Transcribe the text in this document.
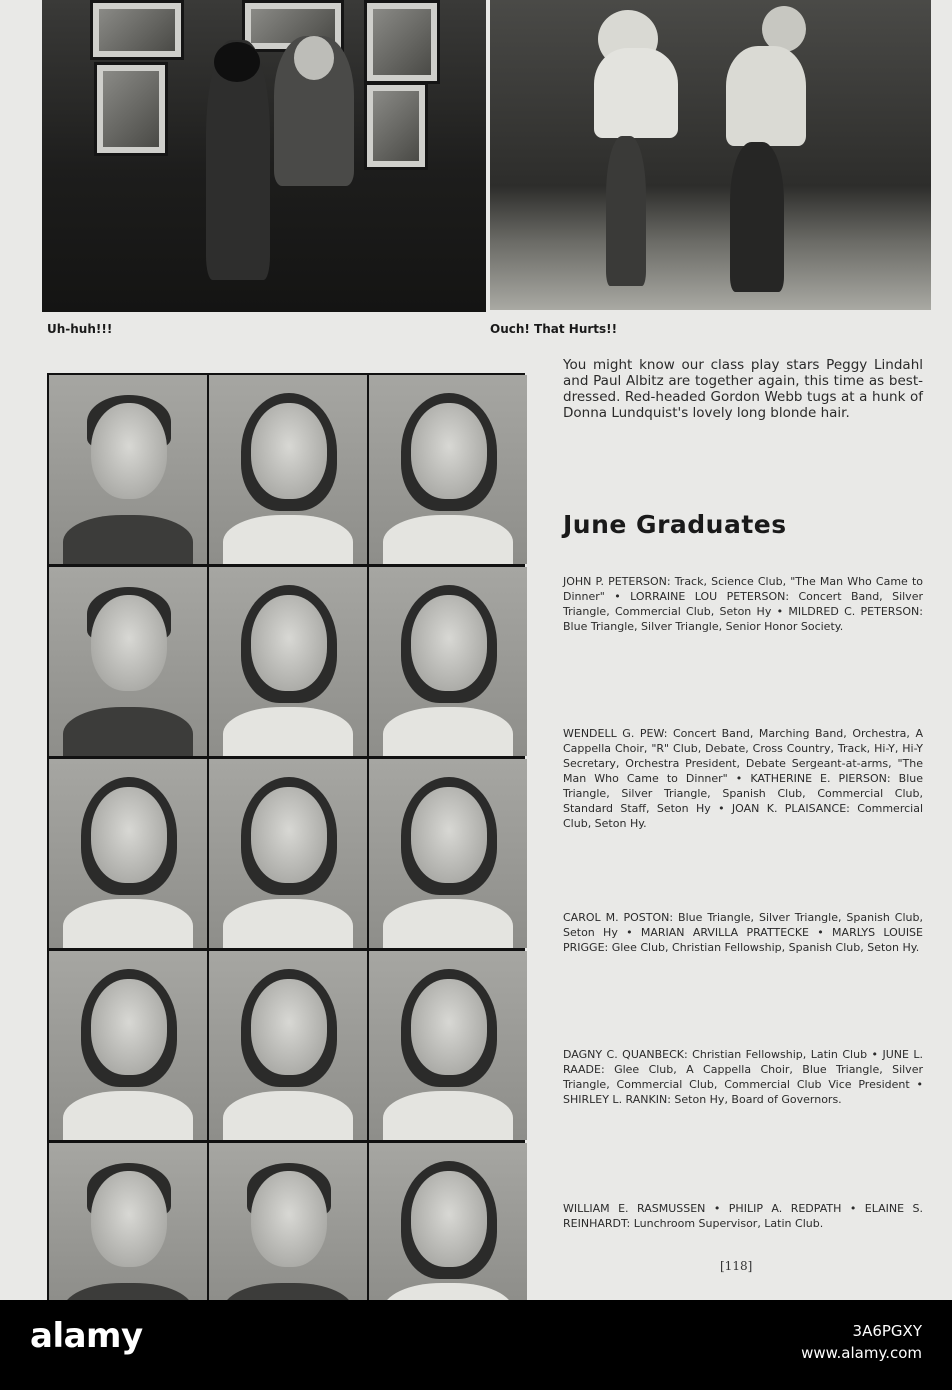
Uh-huh!!!	Ouch! That Hurts!!
You might know our class play stars Peggy Lindahl and Paul Albitz are together again, this time as best-dressed. Red-headed Gordon Webb tugs at a hunk of Donna Lundquist's lovely long blonde hair.
June Graduates
JOHN P. PETERSON: Track, Science Club, "The Man Who Came to Dinner" • LORRAINE LOU PETERSON: Concert Band, Silver Triangle, Commercial Club, Seton Hy • MILDRED C. PETERSON: Blue Triangle, Silver Triangle, Senior Honor Society.
WENDELL G. PEW: Concert Band, Marching Band, Orchestra, A Cappella Choir, "R" Club, Debate, Cross Country, Track, Hi-Y, Hi-Y Secretary, Orchestra President, Debate Sergeant-at-arms, "The Man Who Came to Dinner" • KATHERINE E. PIERSON: Blue Triangle, Silver Triangle, Spanish Club, Commercial Club, Standard Staff, Seton Hy • JOAN K. PLAISANCE: Commercial Club, Seton Hy.
CAROL M. POSTON: Blue Triangle, Silver Triangle, Spanish Club, Seton Hy • MARIAN ARVILLA PRATTECKE • MARLYS LOUISE PRIGGE: Glee Club, Christian Fellowship, Spanish Club, Seton Hy.
DAGNY C. QUANBECK: Christian Fellowship, Latin Club • JUNE L. RAADE: Glee Club, A Cappella Choir, Blue Triangle, Silver Triangle, Commercial Club, Commercial Club Vice President • SHIRLEY L. RANKIN: Seton Hy, Board of Governors.
WILLIAM E. RASMUSSEN • PHILIP A. REDPATH • ELAINE S. REINHARDT: Lunchroom Supervisor, Latin Club.
[118]
alamy	3A6PGXY
www.alamy.com
